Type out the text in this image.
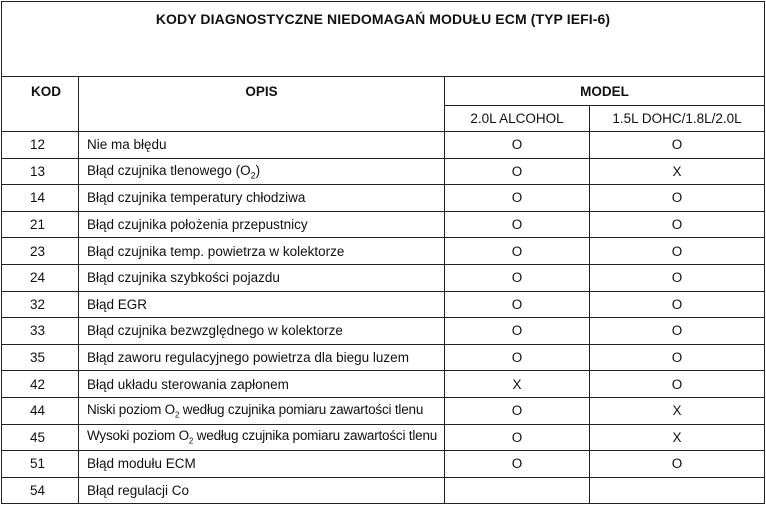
KODY DIAGNOSTYCZNE NIEDOMAGAŃ MODUŁU ECM (TYP IEFI-6)			

KOD	OPIS	MODEL	
		2.0L ALCOHOL	1.5L DOHC/1.8L/2.0L
12	Nie ma błędu	O	O
13	Błąd czujnika tlenowego $(O_2)$	O	X
14	Błąd czujnika temperatury chłodziwa	O	O
21	Błąd czujnika położenia przepustnicy	O	O
23	Błąd czujnika temp. powietrza w kolektorze	O	O
24	Błąd czujnika szybkości pojazdu	O	O
32	Błąd EGR	O	O
33	Błąd czujnika bezwzględnego w kolektorze	O	O
35	Błąd zaworu regulacyjnego powietrza dla biegu luzem	O	O
42	Błąd układu sterowania zapłonem	X	O
44	Niski poziom $O_2$ według czujnika pomiaru zawartości tlenu	O	X
45	Wysoki poziom $O_2$ według czujnika pomiaru zawartości tlenu	O	X
51	Błąd modułu ECM	O	O
54	Błąd regulacji Co		
